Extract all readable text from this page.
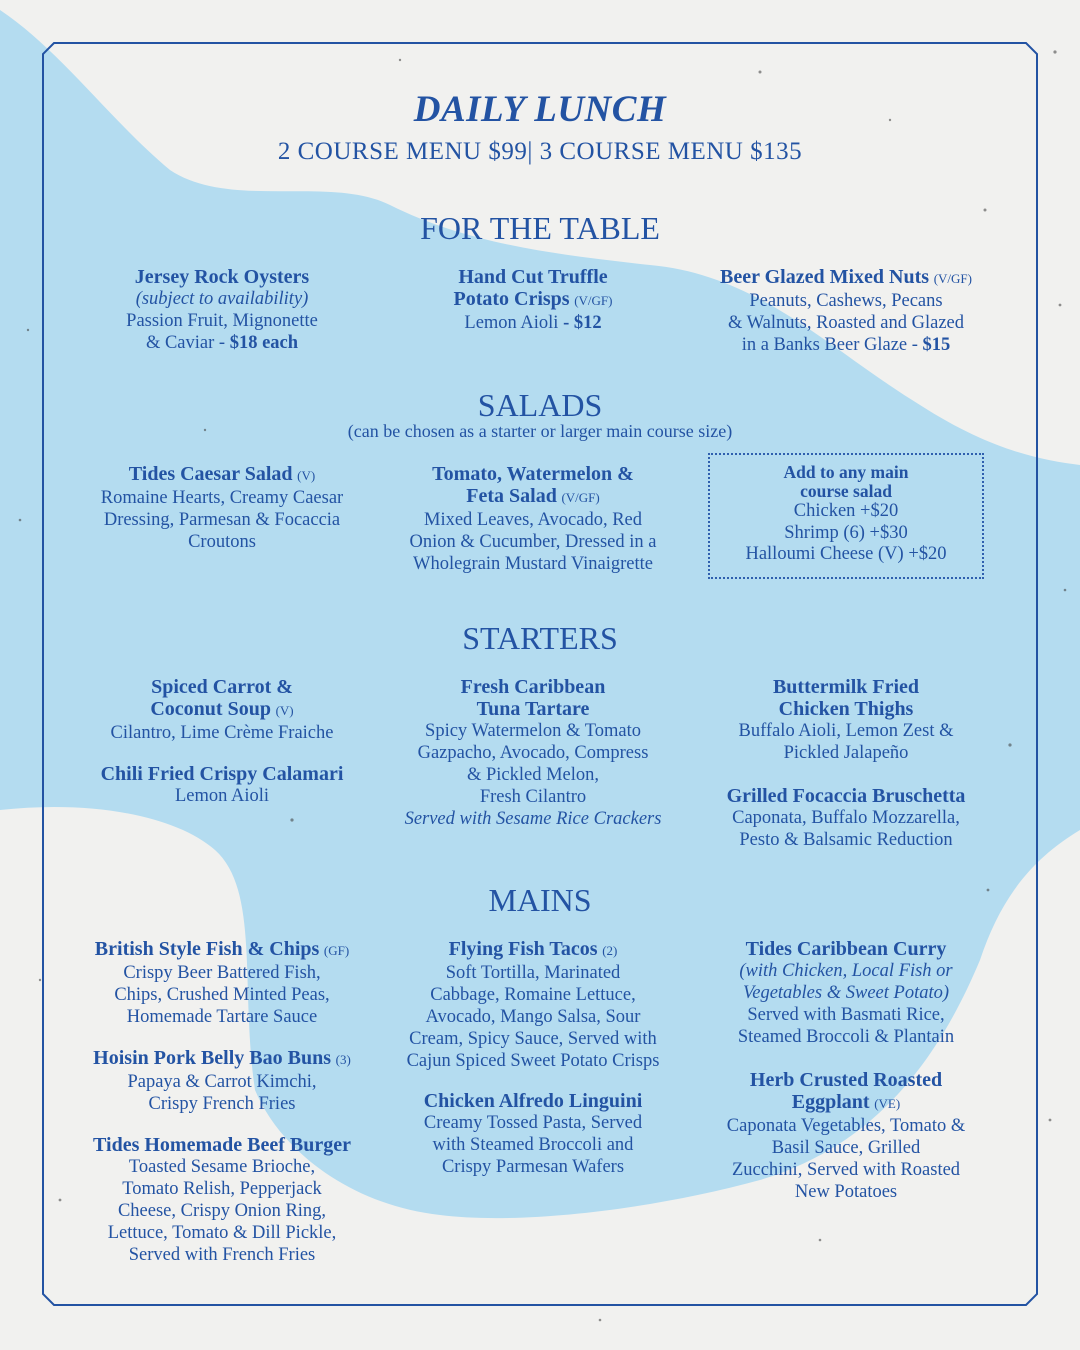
DAILY LUNCH
2 COURSE MENU $99| 3 COURSE MENU $135
FOR THE TABLE
Jersey Rock Oysters
(subject to availability)
Passion Fruit, Mignonette
& Caviar - $18 each
Hand Cut Truffle
Potato Crisps (V/GF)
Lemon Aioli - $12
Beer Glazed Mixed Nuts (V/GF)
Peanuts, Cashews, Pecans
& Walnuts, Roasted and Glazed
in a Banks Beer Glaze - $15
SALADS
(can be chosen as a starter or larger main course size)
Tides Caesar Salad (V)
Romaine Hearts, Creamy Caesar
Dressing, Parmesan & Focaccia
Croutons
Tomato, Watermelon &
Feta Salad (V/GF)
Mixed Leaves, Avocado, Red
Onion & Cucumber, Dressed in a
Wholegrain Mustard Vinaigrette
Add to any main
course salad
Chicken +$20
Shrimp (6) +$30
Halloumi Cheese (V) +$20
STARTERS
Spiced Carrot &
Coconut Soup (V)
Cilantro, Lime Crème Fraiche
Chili Fried Crispy Calamari
Lemon Aioli
Fresh Caribbean
Tuna Tartare
Spicy Watermelon & Tomato
Gazpacho, Avocado, Compress
& Pickled Melon,
Fresh Cilantro
Served with Sesame Rice Crackers
Buttermilk Fried
Chicken Thighs
Buffalo Aioli, Lemon Zest &
Pickled Jalapeño
Grilled Focaccia Bruschetta
Caponata, Buffalo Mozzarella,
Pesto & Balsamic Reduction
MAINS
British Style Fish & Chips (GF)
Crispy Beer Battered Fish,
Chips, Crushed Minted Peas,
Homemade Tartare Sauce
Hoisin Pork Belly Bao Buns (3)
Papaya & Carrot Kimchi,
Crispy French Fries
Tides Homemade Beef Burger
Toasted Sesame Brioche,
Tomato Relish, Pepperjack
Cheese, Crispy Onion Ring,
Lettuce, Tomato & Dill Pickle,
Served with French Fries
Flying Fish Tacos (2)
Soft Tortilla, Marinated
Cabbage, Romaine Lettuce,
Avocado, Mango Salsa, Sour
Cream, Spicy Sauce, Served with
Cajun Spiced Sweet Potato Crisps
Chicken Alfredo Linguini
Creamy Tossed Pasta, Served
with Steamed Broccoli and
Crispy Parmesan Wafers
Tides Caribbean Curry
(with Chicken, Local Fish or
Vegetables & Sweet Potato)
Served with Basmati Rice,
Steamed Broccoli & Plantain
Herb Crusted Roasted
Eggplant (VE)
Caponata Vegetables, Tomato &
Basil Sauce, Grilled
Zucchini, Served with Roasted
New Potatoes
